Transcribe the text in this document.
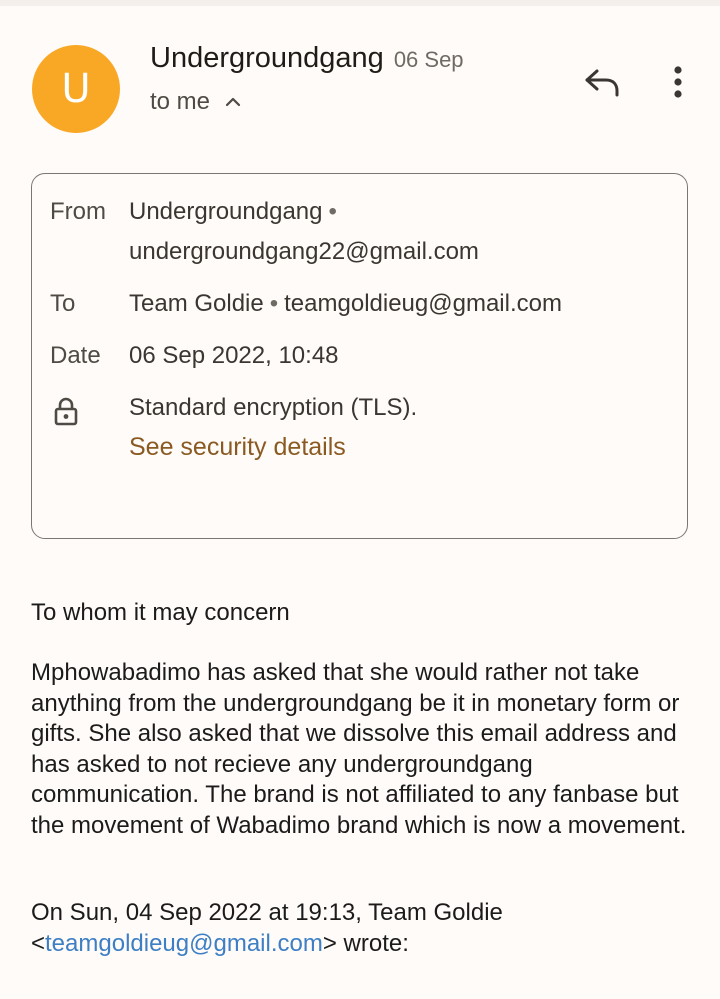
U
Undergroundgang 06 Sep
to me
From Undergroundgang •
undergroundgang22@gmail.com
To Team Goldie • teamgoldieug@gmail.com
Date 06 Sep 2022, 10:48
Standard encryption (TLS).
See security details
To whom it may concern
Mphowabadimo has asked that she would rather not take anything from the undergroundgang be it in monetary form or gifts. She also asked that we dissolve this email address and has asked to not recieve any undergroundgang communication. The brand is not affiliated to any fanbase but the movement of Wabadimo brand which is now a movement.
On Sun, 04 Sep 2022 at 19:13, Team Goldie
<teamgoldieug@gmail.com> wrote:
